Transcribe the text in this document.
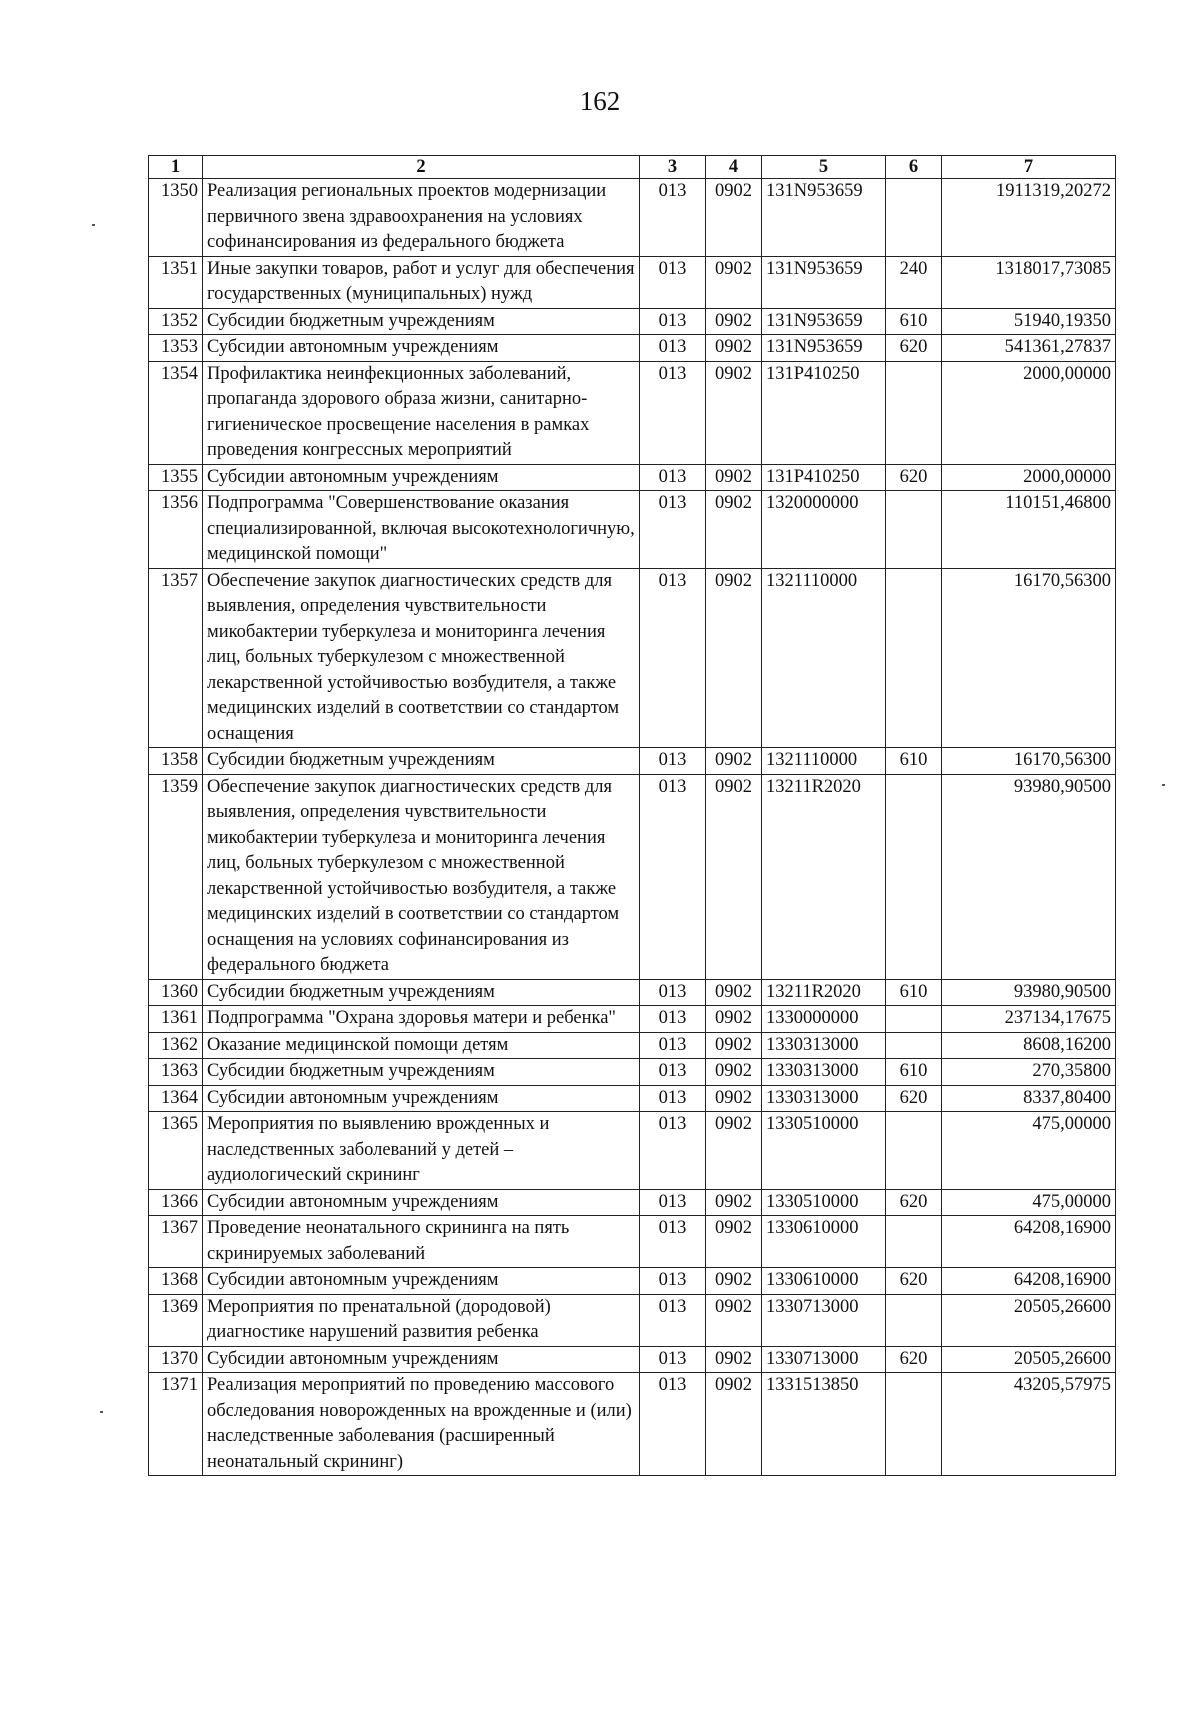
162
1	2	3	4	5	6	7
1350	Реализация региональных проектов модернизации первичного звена здравоохранения на условиях софинансирования из федерального бюджета	013	0902	131N953659		1911319,20272
1351	Иные закупки товаров, работ и услуг для обеспечения государственных (муниципальных) нужд	013	0902	131N953659	240	1318017,73085
1352	Субсидии бюджетным учреждениям	013	0902	131N953659	610	51940,19350
1353	Субсидии автономным учреждениям	013	0902	131N953659	620	541361,27837
1354	Профилактика неинфекционных заболеваний, пропаганда здорового образа жизни, санитарно-гигиеническое просвещение населения в рамках проведения конгрессных мероприятий	013	0902	131P410250		2000,00000
1355	Субсидии автономным учреждениям	013	0902	131P410250	620	2000,00000
1356	Подпрограмма "Совершенствование оказания специализированной, включая высокотехнологичную, медицинской помощи"	013	0902	1320000000		110151,46800
1357	Обеспечение закупок диагностических средств для выявления, определения чувствительности микобактерии туберкулеза и мониторинга лечения лиц, больных туберкулезом с множественной лекарственной устойчивостью возбудителя, а также медицинских изделий в соответствии со стандартом оснащения	013	0902	1321110000		16170,56300
1358	Субсидии бюджетным учреждениям	013	0902	1321110000	610	16170,56300
1359	Обеспечение закупок диагностических средств для выявления, определения чувствительности микобактерии туберкулеза и мониторинга лечения лиц, больных туберкулезом с множественной лекарственной устойчивостью возбудителя, а также медицинских изделий в соответствии со стандартом оснащения на условиях софинансирования из федерального бюджета	013	0902	13211R2020		93980,90500
1360	Субсидии бюджетным учреждениям	013	0902	13211R2020	610	93980,90500
1361	Подпрограмма "Охрана здоровья матери и ребенка"	013	0902	1330000000		237134,17675
1362	Оказание медицинской помощи детям	013	0902	1330313000		8608,16200
1363	Субсидии бюджетным учреждениям	013	0902	1330313000	610	270,35800
1364	Субсидии автономным учреждениям	013	0902	1330313000	620	8337,80400
1365	Мероприятия по выявлению врожденных и наследственных заболеваний у детей – аудиологический скрининг	013	0902	1330510000		475,00000
1366	Субсидии автономным учреждениям	013	0902	1330510000	620	475,00000
1367	Проведение неонатального скрининга на пять скринируемых заболеваний	013	0902	1330610000		64208,16900
1368	Субсидии автономным учреждениям	013	0902	1330610000	620	64208,16900
1369	Мероприятия по пренатальной (дородовой) диагностике нарушений развития ребенка	013	0902	1330713000		20505,26600
1370	Субсидии автономным учреждениям	013	0902	1330713000	620	20505,26600
1371	Реализация мероприятий по проведению массового обследования новорожденных на врожденные и (или) наследственные заболевания (расширенный неонатальный скрининг)	013	0902	1331513850		43205,57975
